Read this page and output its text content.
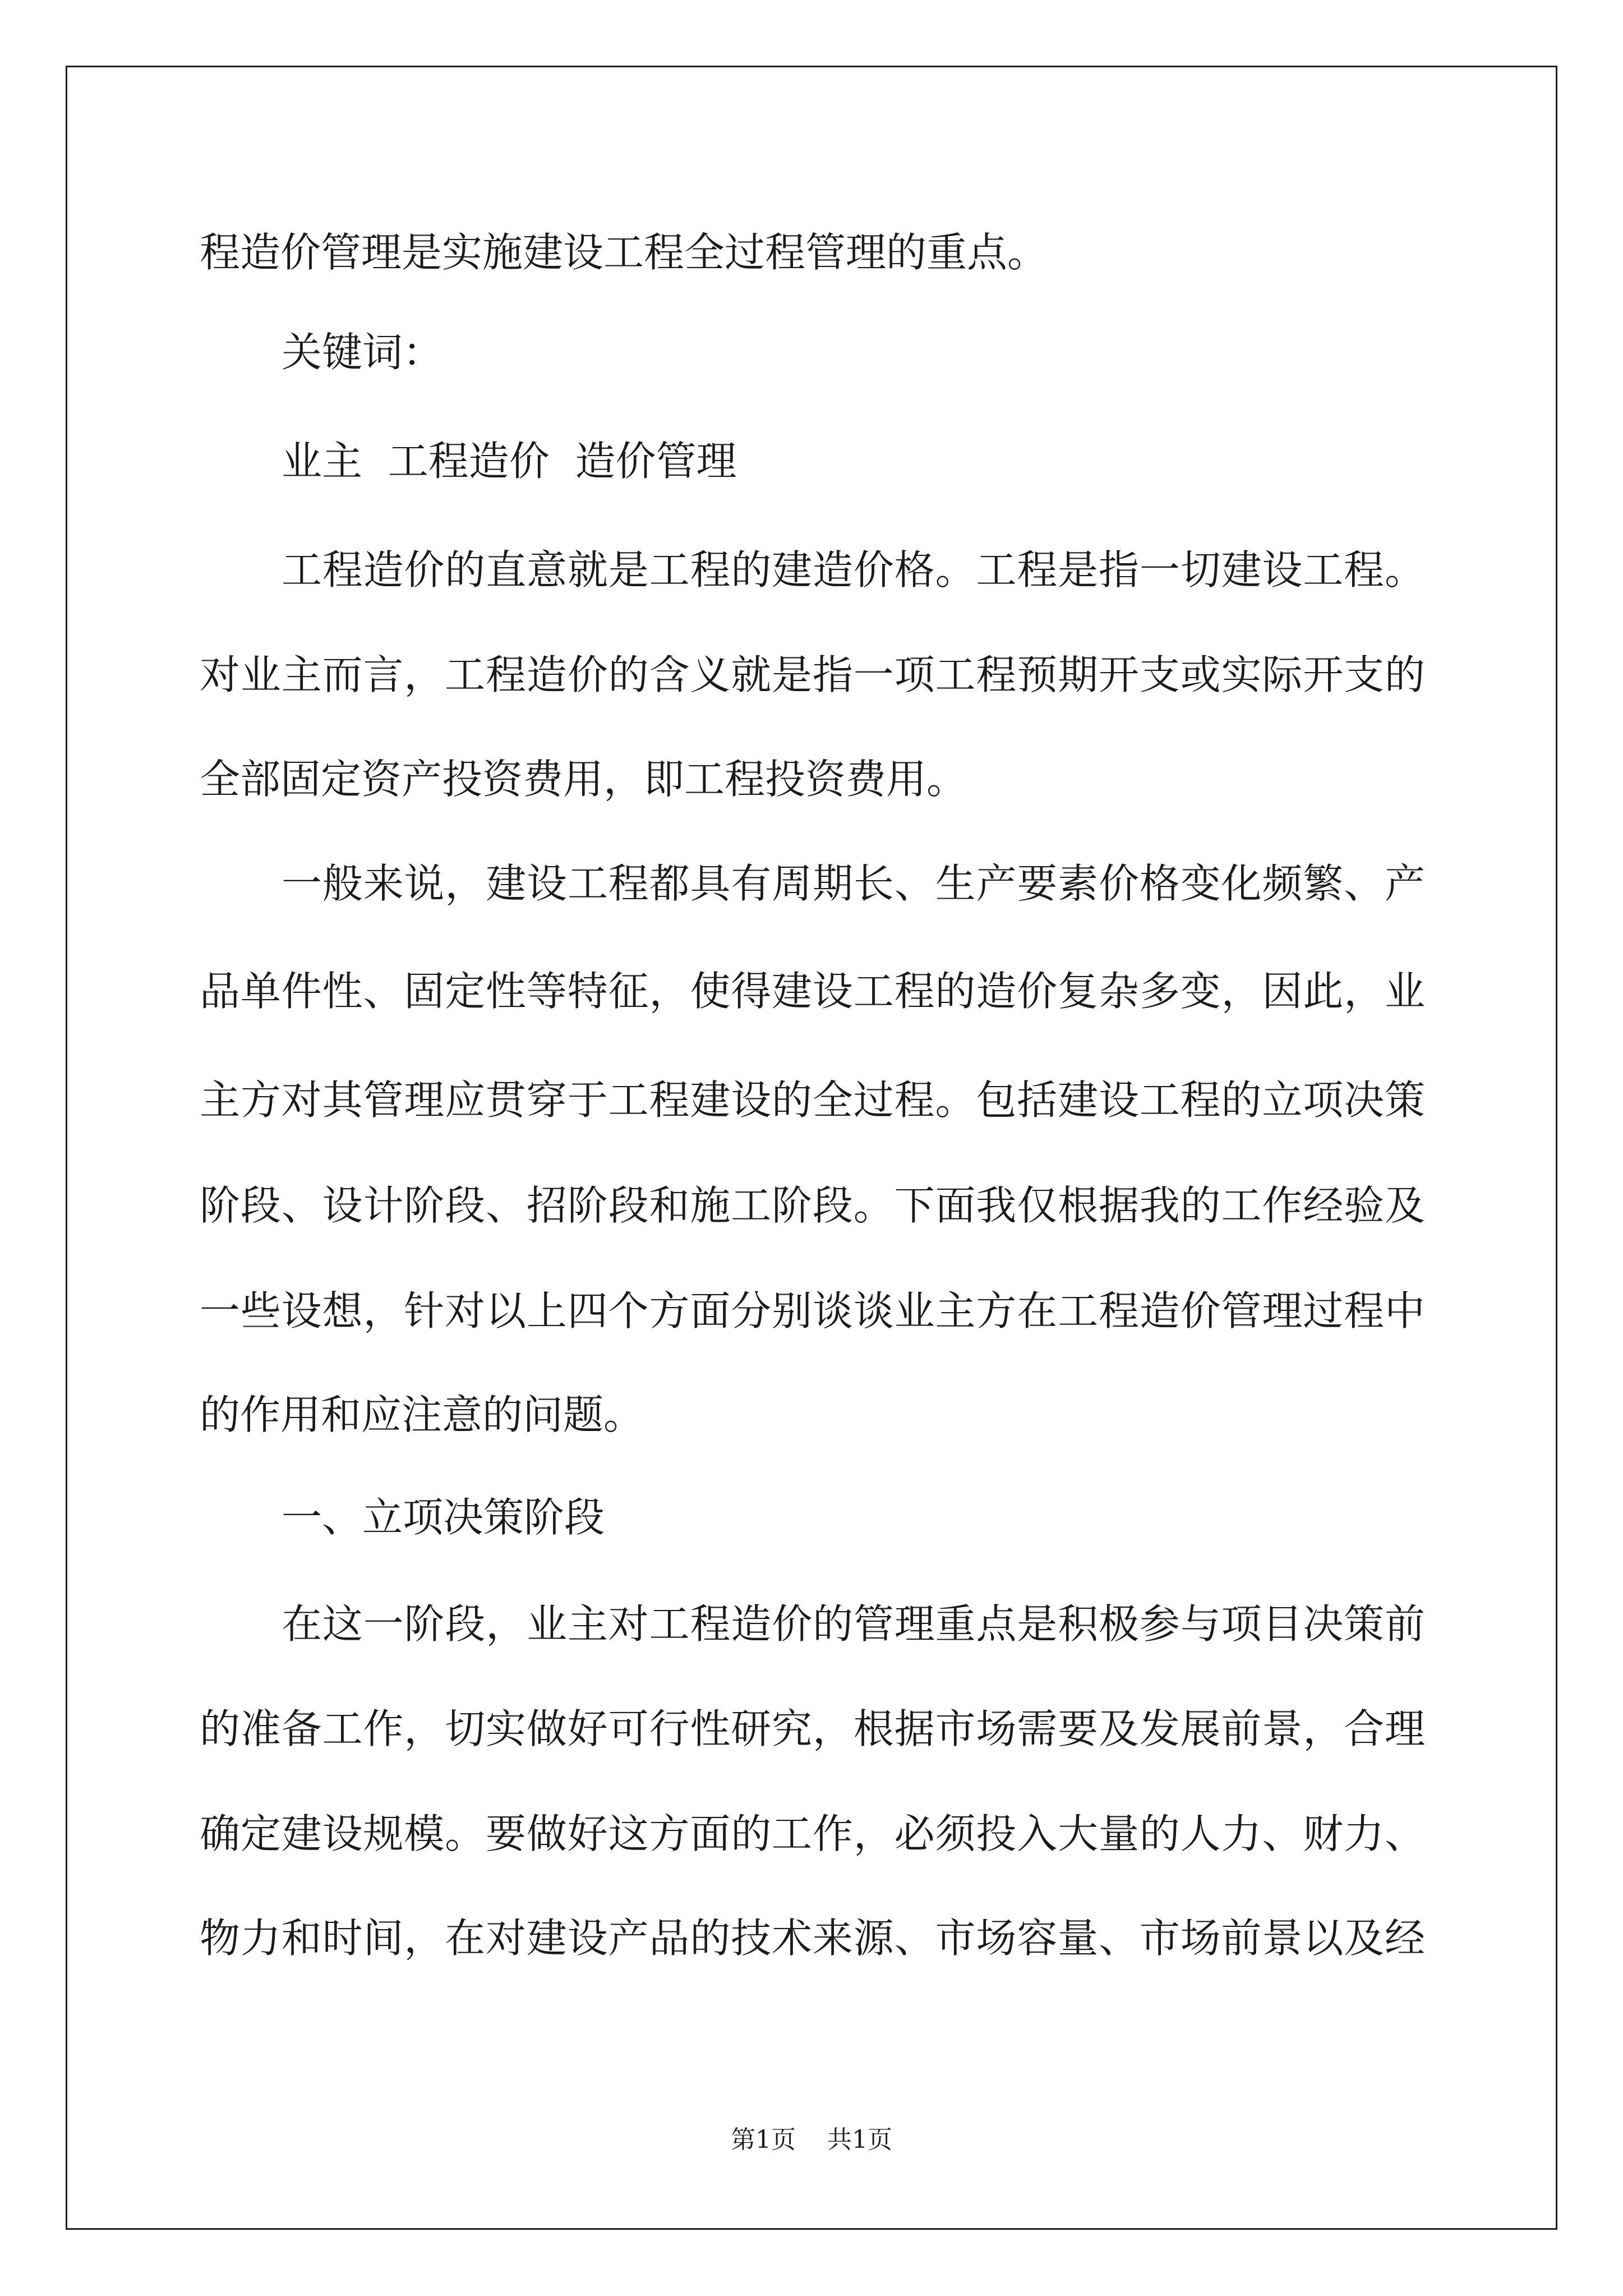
程造价管理是实施建设工程全过程管理的重点。
关键词：
业主  工程造价  造价管理
工程造价的直意就是工程的建造价格。工程是指一切建设工程。
对业主而言，工程造价的含义就是指一项工程预期开支或实际开支的
全部固定资产投资费用，即工程投资费用。
一般来说，建设工程都具有周期长、生产要素价格变化频繁、产
品单件性、固定性等特征，使得建设工程的造价复杂多变，因此，业
主方对其管理应贯穿于工程建设的全过程。包括建设工程的立项决策
阶段、设计阶段、招阶段和施工阶段。下面我仅根据我的工作经验及
一些设想，针对以上四个方面分别谈谈业主方在工程造价管理过程中
的作用和应注意的问题。
一、立项决策阶段
在这一阶段，业主对工程造价的管理重点是积极参与项目决策前
的准备工作，切实做好可行性研究，根据市场需要及发展前景，合理
确定建设规模。要做好这方面的工作，必须投入大量的人力、财力、
物力和时间，在对建设产品的技术来源、市场容量、市场前景以及经
第1页    共1页
